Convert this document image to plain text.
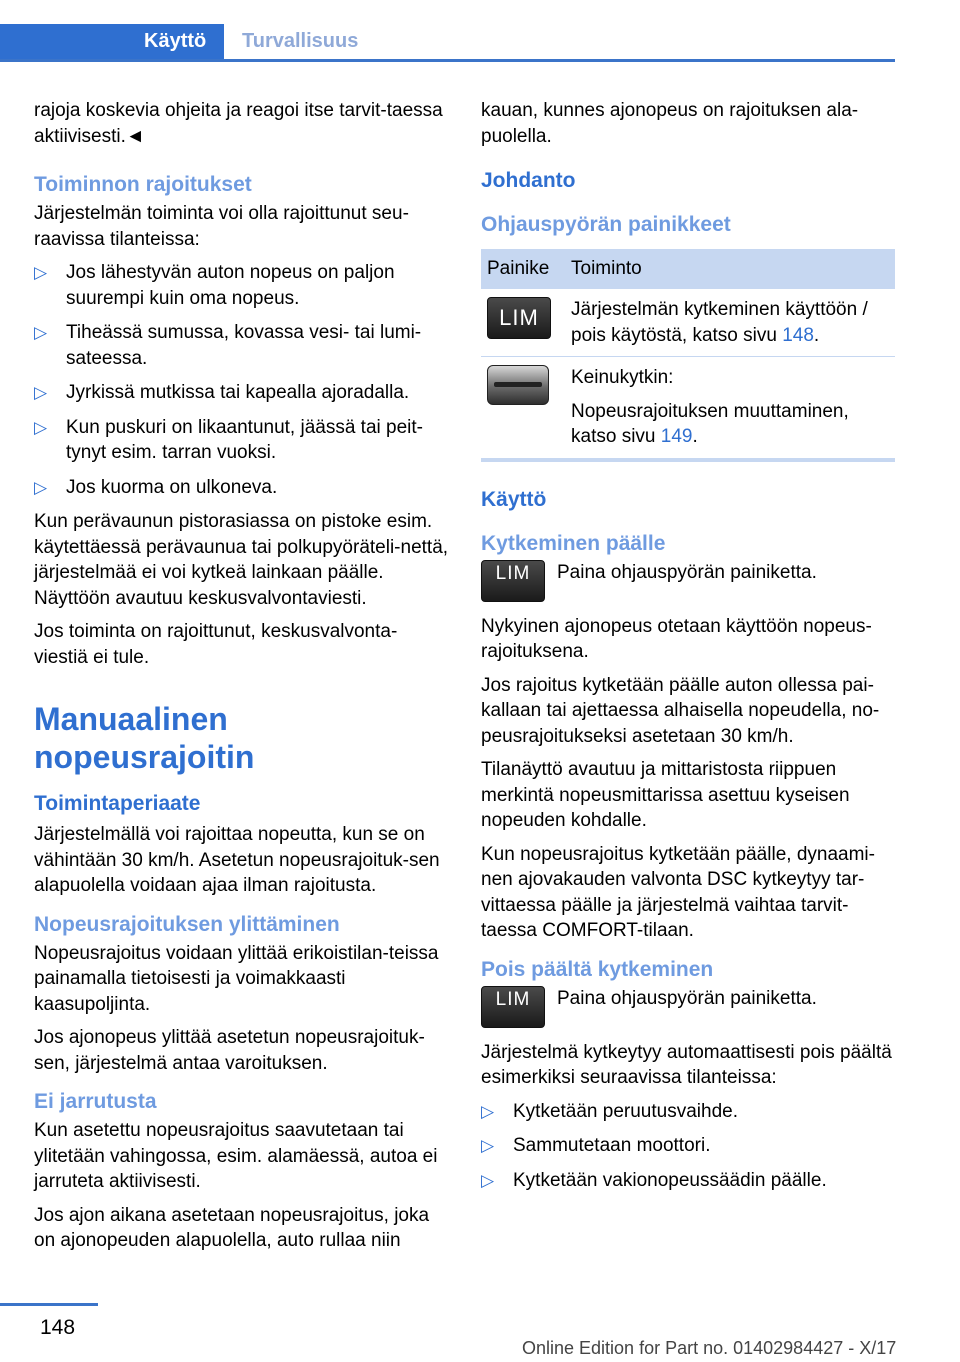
Käyttö	Turvallisuus

rajoja koskevia ohjeita ja reagoi itse tarvit-taessa aktiivisesti.◄

Toiminnon rajoitukset

Järjestelmän toiminta voi olla rajoittunut seu-raavissa tilanteissa:

▷ Jos lähestyvän auton nopeus on paljon suurempi kuin oma nopeus.
▷ Tiheässä sumussa, kovassa vesi- tai lumi-sateessa.
▷ Jyrkissä mutkissa tai kapealla ajoradalla.
▷ Kun puskuri on likaantunut, jäässä tai peit-tynyt esim. tarran vuoksi.
▷ Jos kuorma on ulkoneva.

Kun perävaunun pistorasiassa on pistoke esim. käytettäessä perävaunua tai polkupyöräteli-nettä, järjestelmää ei voi kytkeä lainkaan päälle. Näyttöön avautuu keskusvalvontaviesti.

Jos toiminta on rajoittunut, keskusvalvonta-viestiä ei tule.

Manuaalinen nopeusrajoitin
Toimintaperiaate

Järjestelmällä voi rajoittaa nopeutta, kun se on vähintään 30 km/h. Asetetun nopeusrajoituk-sen alapuolella voidaan ajaa ilman rajoitusta.

Nopeusrajoituksen ylittäminen

Nopeusrajoitus voidaan ylittää erikoistilan-teissa painamalla tietoisesti ja voimakkaasti kaasupoljinta.

Jos ajonopeus ylittää asetetun nopeusrajoituk-sen, järjestelmä antaa varoituksen.

Ei jarrutusta

Kun asetettu nopeusrajoitus saavutetaan tai ylitetään vahingossa, esim. alamäessä, autoa ei jarruteta aktiivisesti.

Jos ajon aikana asetetaan nopeusrajoitus, joka on ajonopeuden alapuolella, auto rullaa niin

kauan, kunnes ajonopeus on rajoituksen ala-puolella.

Johdanto
Ohjauspyörän painikkeet
Painike	Toiminto
LIM	Järjestelmän kytkeminen käyttöön / pois käytöstä, katso sivu 148.

	Keinukytkin:
Nopeusrajoituksen muuttaminen, katso sivu 149.
Käyttö
Kytkeminen päälle
LIM	Paina ohjauspyörän painiketta.

Nykyinen ajonopeus otetaan käyttöön nopeus-rajoituksena.

Jos rajoitus kytketään päälle auton ollessa pai-kallaan tai ajettaessa alhaisella nopeudella, no-peusrajoitukseksi asetetaan 30 km/h.

Tilanäyttö avautuu ja mittaristosta riippuen merkintä nopeusmittarissa asettuu kyseisen nopeuden kohdalle.

Kun nopeusrajoitus kytketään päälle, dynaami-nen ajovakauden valvonta DSC kytkeytyy tar-vittaessa päälle ja järjestelmä vaihtaa tarvit-taessa COMFORT-tilaan.

Pois päältä kytkeminen
LIM	Paina ohjauspyörän painiketta.

Järjestelmä kytkeytyy automaattisesti pois päältä esimerkiksi seuraavissa tilanteissa:

▷ Kytketään peruutusvaihde.
▷ Sammutetaan moottori.
▷ Kytketään vakionopeussäädin päälle.
148
Online Edition for Part no. 01402984427 - X/17
